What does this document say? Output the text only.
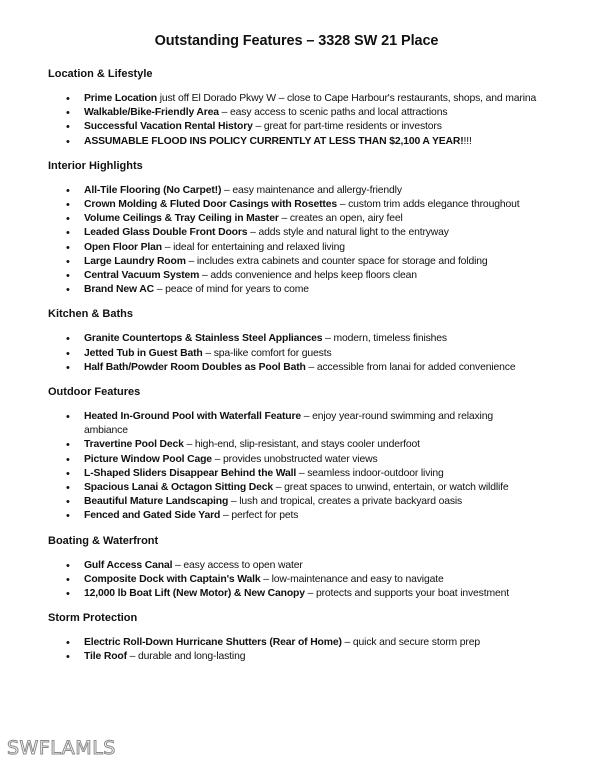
Outstanding Features – 3328 SW 21 Place
Location & Lifestyle
• Prime Location just off El Dorado Pkwy W – close to Cape Harbour's restaurants, shops, and marina
• Walkable/Bike-Friendly Area – easy access to scenic paths and local attractions
• Successful Vacation Rental History – great for part-time residents or investors
• ASSUMABLE FLOOD INS POLICY CURRENTLY AT LESS THAN $2,100 A YEAR!!!!
Interior Highlights
• All-Tile Flooring (No Carpet!) – easy maintenance and allergy-friendly
• Crown Molding & Fluted Door Casings with Rosettes – custom trim adds elegance throughout
• Volume Ceilings & Tray Ceiling in Master – creates an open, airy feel
• Leaded Glass Double Front Doors – adds style and natural light to the entryway
• Open Floor Plan – ideal for entertaining and relaxed living
• Large Laundry Room – includes extra cabinets and counter space for storage and folding
• Central Vacuum System – adds convenience and helps keep floors clean
• Brand New AC – peace of mind for years to come
Kitchen & Baths
• Granite Countertops & Stainless Steel Appliances – modern, timeless finishes
• Jetted Tub in Guest Bath – spa-like comfort for guests
• Half Bath/Powder Room Doubles as Pool Bath – accessible from lanai for added convenience
Outdoor Features
• Heated In-Ground Pool with Waterfall Feature – enjoy year-round swimming and relaxing ambiance
• Travertine Pool Deck – high-end, slip-resistant, and stays cooler underfoot
• Picture Window Pool Cage – provides unobstructed water views
• L-Shaped Sliders Disappear Behind the Wall – seamless indoor-outdoor living
• Spacious Lanai & Octagon Sitting Deck – great spaces to unwind, entertain, or watch wildlife
• Beautiful Mature Landscaping – lush and tropical, creates a private backyard oasis
• Fenced and Gated Side Yard – perfect for pets
Boating & Waterfront
• Gulf Access Canal – easy access to open water
• Composite Dock with Captain's Walk – low-maintenance and easy to navigate
• 12,000 lb Boat Lift (New Motor) & New Canopy – protects and supports your boat investment
Storm Protection
• Electric Roll-Down Hurricane Shutters (Rear of Home) – quick and secure storm prep
• Tile Roof – durable and long-lasting
SWFLAMLS
